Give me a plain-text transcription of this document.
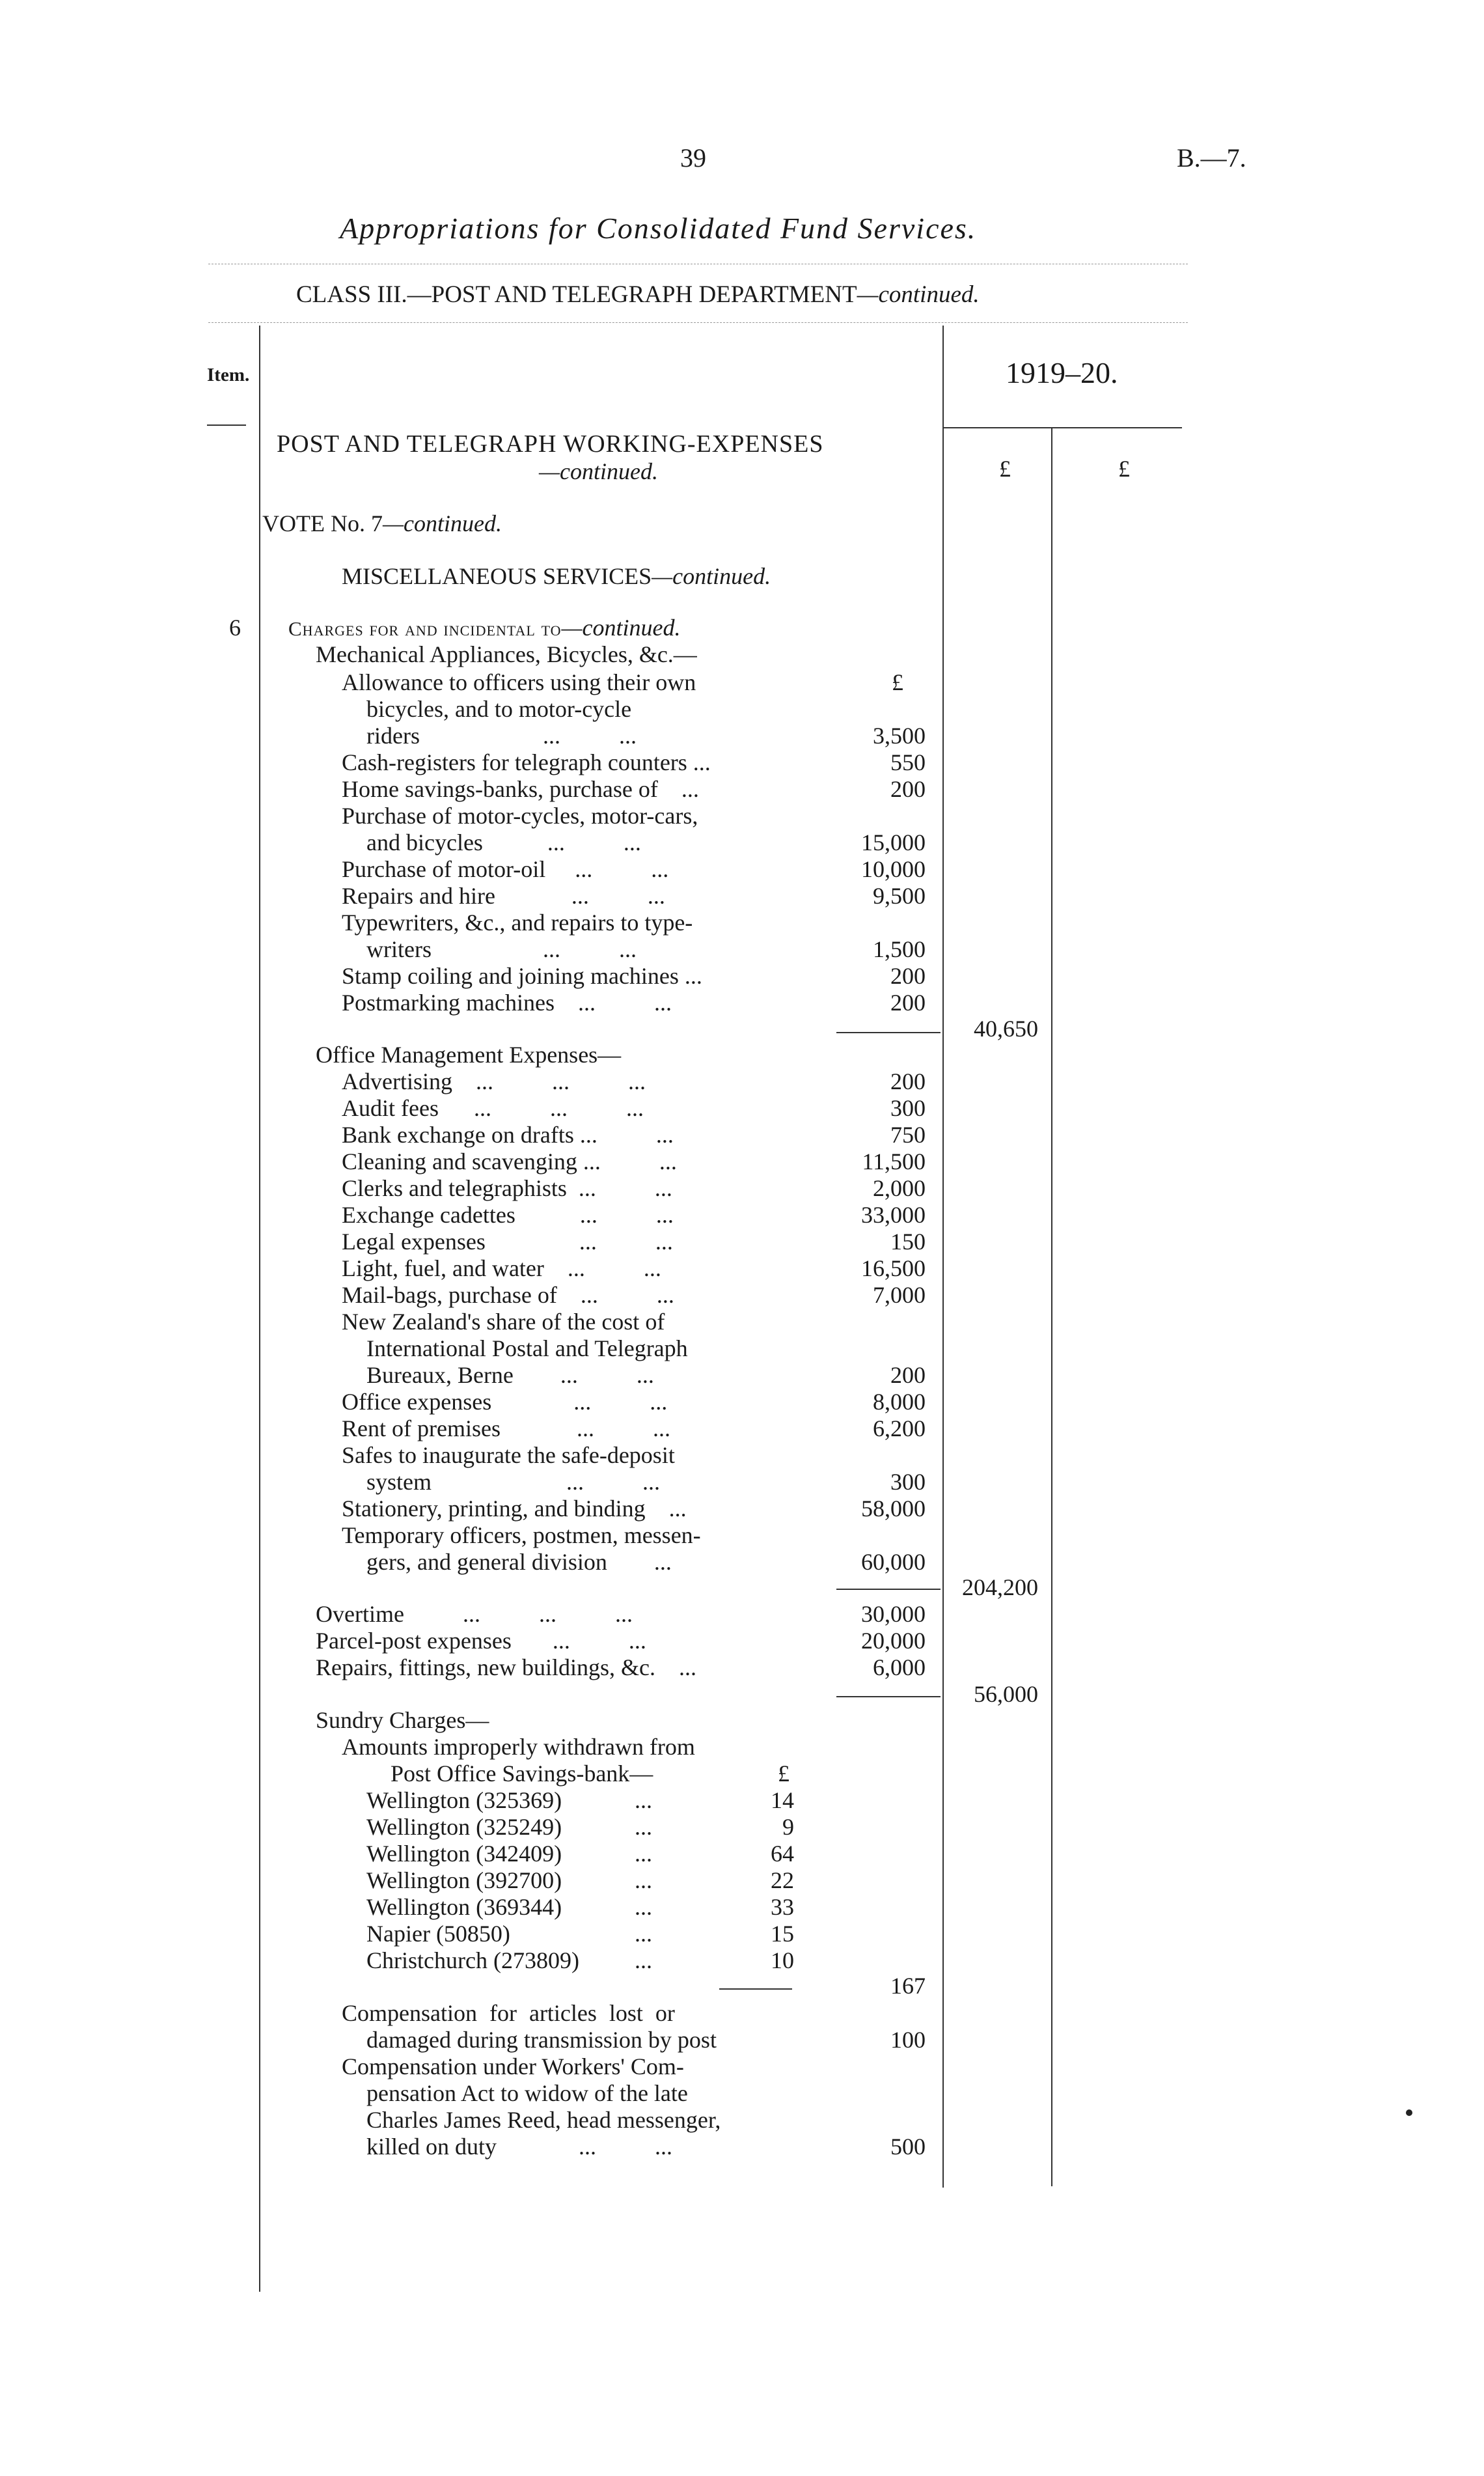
39	B.—7.
Appropriations for Consolidated Fund Services.
CLASS III.—POST AND TELEGRAPH DEPARTMENT—continued.
Item.	1919–20.
£	£
POST AND TELEGRAPH WORKING-EXPENSES
—continued.
VOTE No. 7—continued.
MISCELLANEOUS SERVICES—continued.
6 Charges for and incidental to—continued.
Mechanical Appliances, Bicycles, &c.—
£
Allowance to officers using their own
bicycles, and to motor-cycle
riders                     ...          ...	3,500
Cash-registers for telegraph counters ...	550
Home savings-banks, purchase of    ...	200
Purchase of motor-cycles, motor-cars,
and bicycles           ...          ...	15,000
Purchase of motor-oil     ...          ...	10,000
Repairs and hire             ...          ...	9,500
Typewriters, &c., and repairs to type-
writers                   ...          ...	1,500
Stamp coiling and joining machines ...	200
Postmarking machines    ...          ...	200
40,650
Office Management Expenses—
Advertising    ...          ...          ...	200
Audit fees      ...          ...          ...	300
Bank exchange on drafts ...          ...	750
Cleaning and scavenging ...          ...	11,500
Clerks and telegraphists  ...          ...	2,000
Exchange cadettes           ...          ...	33,000
Legal expenses                ...          ...	150
Light, fuel, and water    ...          ...	16,500
Mail-bags, purchase of    ...          ...	7,000
New Zealand's share of the cost of
International Postal and Telegraph
Bureaux, Berne        ...          ...	200
Office expenses              ...          ...	8,000
Rent of premises             ...          ...	6,200
Safes to inaugurate the safe-deposit
system                       ...          ...	300
Stationery, printing, and binding    ...	58,000
Temporary officers, postmen, messen-
gers, and general division        ...	60,000
204,200
Overtime          ...          ...          ...	30,000
Parcel-post expenses       ...          ...	20,000
Repairs, fittings, new buildings, &c.    ...	6,000
56,000
Sundry Charges—
Amounts improperly withdrawn from
Post Office Savings-bank—	£
Wellington (325369)	...	14
Wellington (325249)	...	9
Wellington (342409)	...	64
Wellington (392700)	...	22
Wellington (369344)	...	33
Napier (50850)	...	15
Christchurch (273809) ...	10
167
Compensation for articles lost or
damaged during transmission by post	100
Compensation under Workers' Com-
pensation Act to widow of the late
Charles James Reed, head messenger,
killed on duty              ...          ...	500
